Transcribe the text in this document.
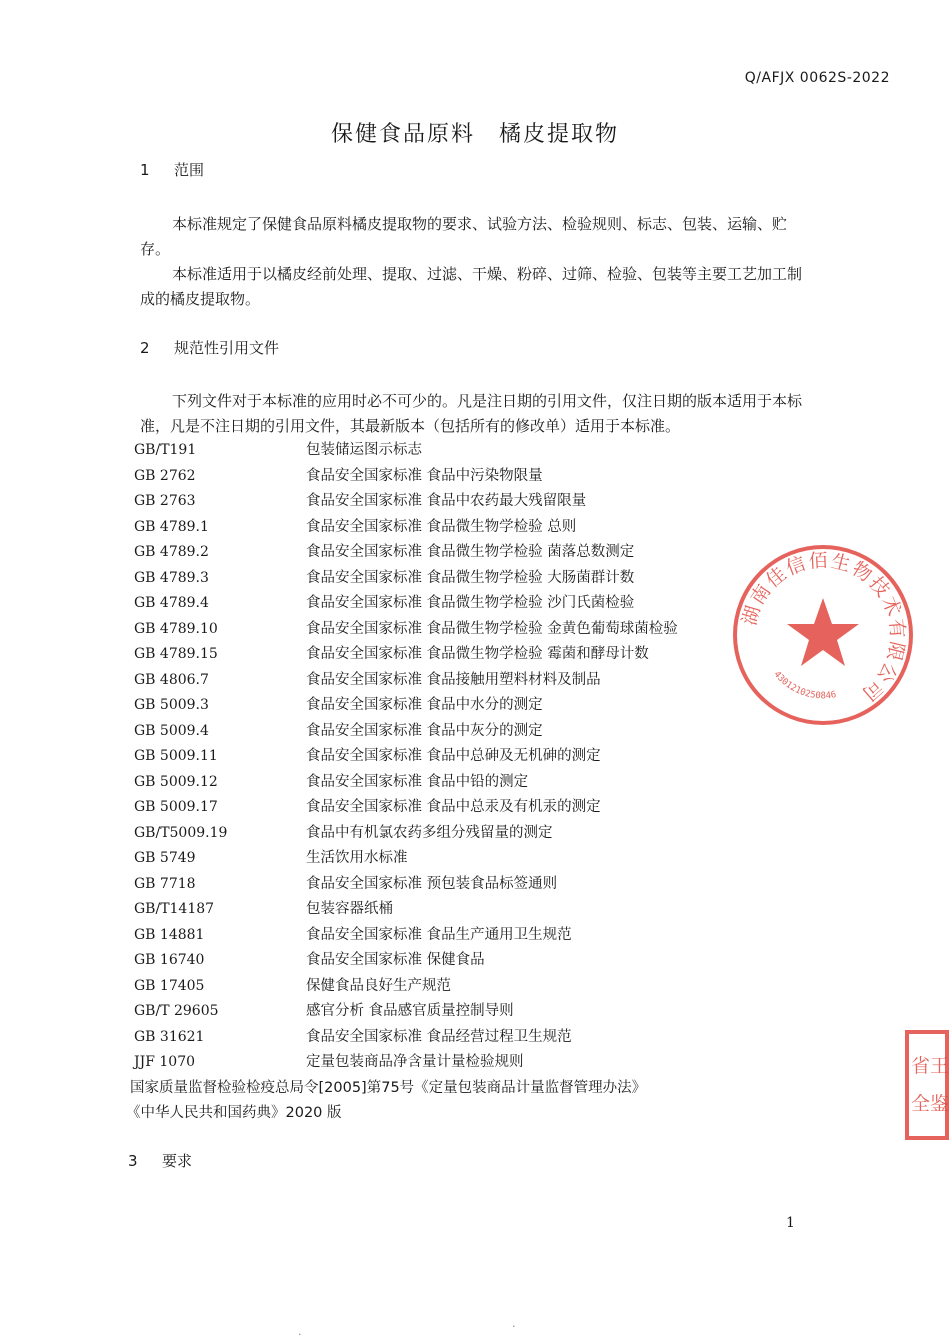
Q/AFJX 0062S-2022
保健食品原料　橘皮提取物
1 范围
本标准规定了保健食品原料橘皮提取物的要求、试验方法、检验规则、标志、包装、运输、贮存。
本标准适用于以橘皮经前处理、提取、过滤、干燥、粉碎、过筛、检验、包装等主要工艺加工制成的橘皮提取物。
2 规范性引用文件
下列文件对于本标准的应用时必不可少的。凡是注日期的引用文件，仅注日期的版本适用于本标准，凡是不注日期的引用文件，其最新版本（包括所有的修改单）适用于本标准。
GB/T191	包装储运图示标志
GB 2762	食品安全国家标准 食品中污染物限量
GB 2763	食品安全国家标准 食品中农药最大残留限量
GB 4789.1	食品安全国家标准 食品微生物学检验 总则
GB 4789.2	食品安全国家标准 食品微生物学检验 菌落总数测定
GB 4789.3	食品安全国家标准 食品微生物学检验 大肠菌群计数
GB 4789.4	食品安全国家标准 食品微生物学检验 沙门氏菌检验
GB 4789.10	食品安全国家标准 食品微生物学检验 金黄色葡萄球菌检验
GB 4789.15	食品安全国家标准 食品微生物学检验 霉菌和酵母计数
GB 4806.7	食品安全国家标准 食品接触用塑料材料及制品
GB 5009.3	食品安全国家标准 食品中水分的测定
GB 5009.4	食品安全国家标准 食品中灰分的测定
GB 5009.11	食品安全国家标准 食品中总砷及无机砷的测定
GB 5009.12	食品安全国家标准 食品中铅的测定
GB 5009.17	食品安全国家标准 食品中总汞及有机汞的测定
GB/T5009.19	食品中有机氯农药多组分残留量的测定
GB 5749	生活饮用水标准
GB 7718	食品安全国家标准 预包装食品标签通则
GB/T14187	包装容器纸桶
GB 14881	食品安全国家标准 食品生产通用卫生规范
GB 16740	食品安全国家标准 保健食品
GB 17405	保健食品良好生产规范
GB/T 29605	感官分析 食品感官质量控制导则
GB 31621	食品安全国家标准 食品经营过程卫生规范
JJF 1070	定量包装商品净含量计量检验规则
国家质量监督检验检疫总局令[2005]第75号《定量包装商品计量监督管理办法》
《中华人民共和国药典》2020 版
3 要求
1
湖南佳信佰生物技术有限公司
4301210250846
省王
全鉴
·
·
